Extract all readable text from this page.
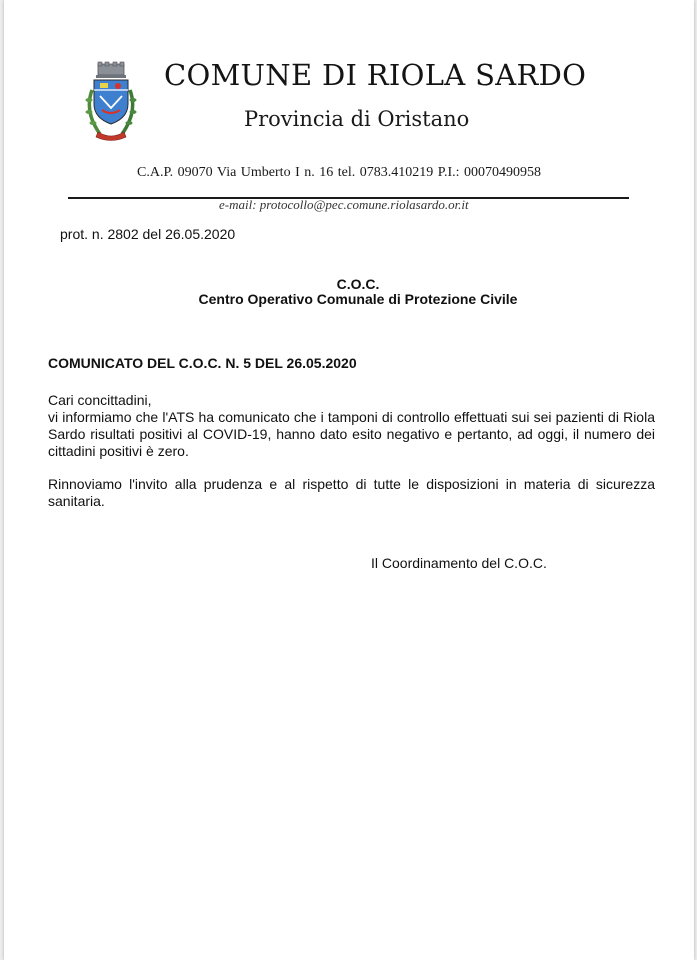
COMUNE DI RIOLA SARDO
Provincia di Oristano
C.A.P. 09070 Via Umberto I n. 16 tel. 0783.410219 P.I.: 00070490958
e-mail: protocollo@pec.comune.riolasardo.or.it
prot. n. 2802 del 26.05.2020
C.O.C.
Centro Operativo Comunale di Protezione Civile
COMUNICATO DEL C.O.C. N. 5 DEL 26.05.2020
Cari concittadini,
vi informiamo che l'ATS ha comunicato che i tamponi di controllo effettuati sui sei pazienti di Riola Sardo risultati positivi al COVID-19, hanno dato esito negativo e pertanto, ad oggi, il numero dei cittadini positivi è zero.
Rinnoviamo l'invito alla prudenza e al rispetto di tutte le disposizioni in materia di sicurezza sanitaria.
Il Coordinamento del C.O.C.
